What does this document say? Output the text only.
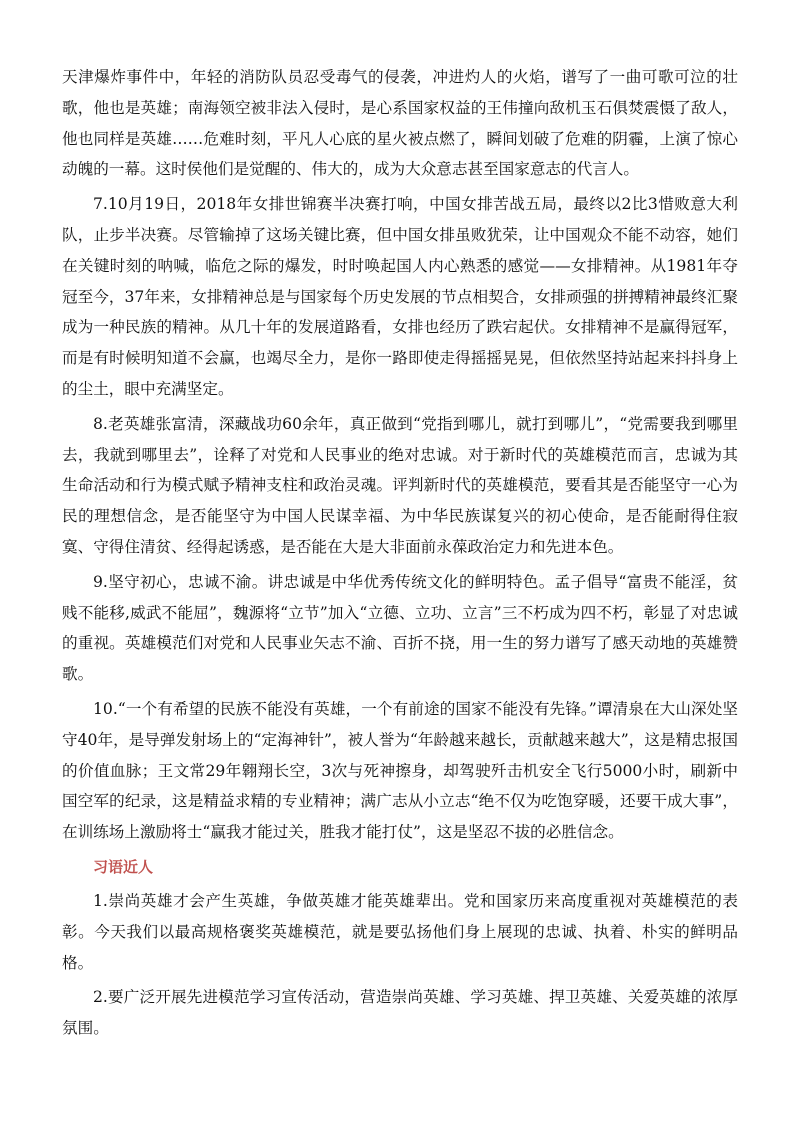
天津爆炸事件中，年轻的消防队员忍受毒气的侵袭，冲进灼人的火焰，谱写了一曲可歌可泣的壮歌，他也是英雄；南海领空被非法入侵时，是心系国家权益的王伟撞向敌机玉石俱焚震慑了敌人，他也同样是英雄……危难时刻，平凡人心底的星火被点燃了，瞬间划破了危难的阴霾，上演了惊心动魄的一幕。这时侯他们是觉醒的、伟大的，成为大众意志甚至国家意志的代言人。

7.10月19日，2018年女排世锦赛半决赛打响，中国女排苦战五局，最终以2比3惜败意大利队，止步半决赛。尽管输掉了这场关键比赛，但中国女排虽败犹荣，让中国观众不能不动容，她们在关键时刻的呐喊，临危之际的爆发，时时唤起国人内心熟悉的感觉——女排精神。从1981年夺冠至今，37年来，女排精神总是与国家每个历史发展的节点相契合，女排顽强的拼搏精神最终汇聚成为一种民族的精神。从几十年的发展道路看，女排也经历了跌宕起伏。女排精神不是赢得冠军，而是有时候明知道不会赢，也竭尽全力，是你一路即使走得摇摇晃晃，但依然坚持站起来抖抖身上的尘土，眼中充满坚定。

8.老英雄张富清，深藏战功60余年，真正做到“党指到哪儿，就打到哪儿”，“党需要我到哪里去，我就到哪里去”，诠释了对党和人民事业的绝对忠诚。对于新时代的英雄模范而言，忠诚为其生命活动和行为模式赋予精神支柱和政治灵魂。评判新时代的英雄模范，要看其是否能坚守一心为民的理想信念，是否能坚守为中国人民谋幸福、为中华民族谋复兴的初心使命，是否能耐得住寂寞、守得住清贫、经得起诱惑，是否能在大是大非面前永葆政治定力和先进本色。

9.坚守初心，忠诚不渝。讲忠诚是中华优秀传统文化的鲜明特色。孟子倡导“富贵不能淫，贫贱不能移,威武不能屈”，魏源将“立节”加入“立德、立功、立言”三不朽成为四不朽，彰显了对忠诚的重视。英雄模范们对党和人民事业矢志不渝、百折不挠，用一生的努力谱写了感天动地的英雄赞歌。

10.“一个有希望的民族不能没有英雄，一个有前途的国家不能没有先锋。”谭清泉在大山深处坚守40年，是导弹发射场上的“定海神针”，被人誉为“年龄越来越长，贡献越来越大”，这是精忠报国的价值血脉；王文常29年翱翔长空，3次与死神擦身，却驾驶歼击机安全飞行5000小时，刷新中国空军的纪录，这是精益求精的专业精神；满广志从小立志“绝不仅为吃饱穿暖，还要干成大事”，在训练场上激励将士“赢我才能过关，胜我才能打仗”，这是坚忍不拔的必胜信念。

习语近人

1.崇尚英雄才会产生英雄，争做英雄才能英雄辈出。党和国家历来高度重视对英雄模范的表彰。今天我们以最高规格褒奖英雄模范，就是要弘扬他们身上展现的忠诚、执着、朴实的鲜明品格。

2.要广泛开展先进模范学习宣传活动，营造崇尚英雄、学习英雄、捍卫英雄、关爱英雄的浓厚氛围。
